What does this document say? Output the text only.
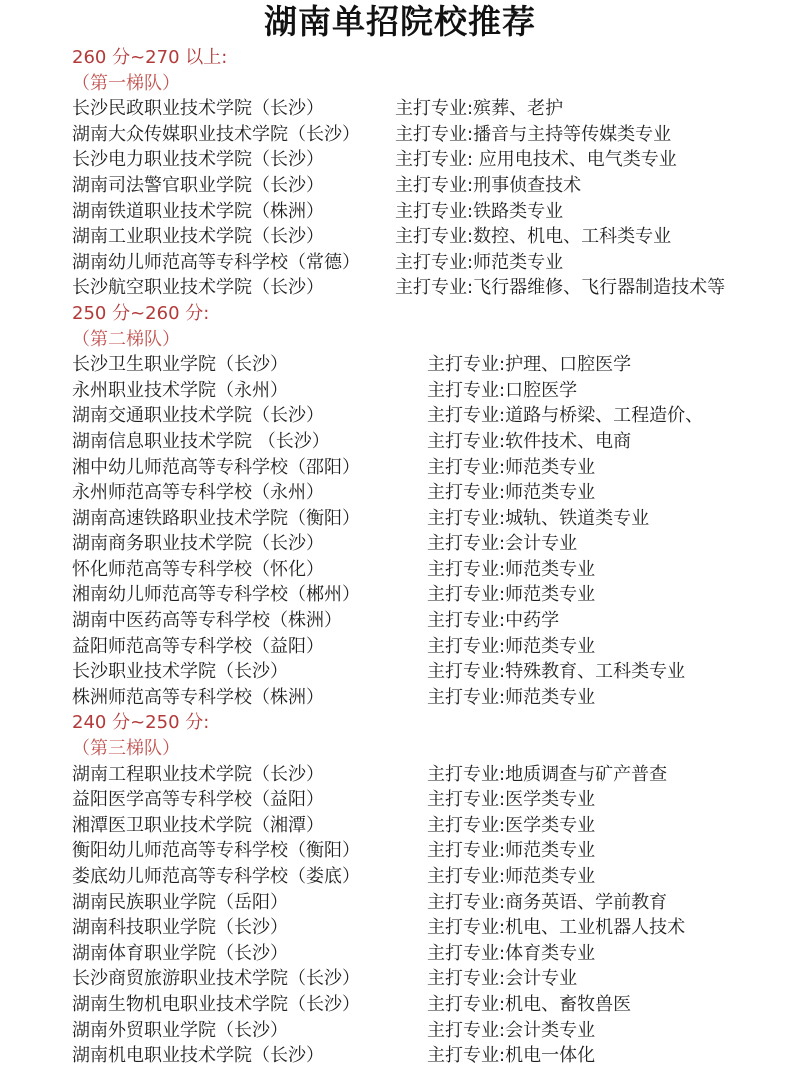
湖南单招院校推荐
260 分~270 以上:
（第一梯队）
长沙民政职业技术学院（长沙）	主打专业:殡葬、老护
湖南大众传媒职业技术学院（长沙） 主打专业:播音与主持等传媒类专业
长沙电力职业技术学院（长沙）	主打专业: 应用电技术、电气类专业
湖南司法警官职业学院（长沙）	主打专业:刑事侦查技术
湖南铁道职业技术学院（株洲）	主打专业:铁路类专业
湖南工业职业技术学院（长沙）	主打专业:数控、机电、工科类专业
湖南幼儿师范高等专科学校（常德） 主打专业:师范类专业
长沙航空职业技术学院（长沙）	主打专业:飞行器维修、飞行器制造技术等
250 分~260 分:
（第二梯队）
长沙卫生职业学院（长沙）	主打专业:护理、口腔医学
永州职业技术学院（永州）	主打专业:口腔医学
湖南交通职业技术学院（长沙）	主打专业:道路与桥梁、工程造价、
湖南信息职业技术学院 （长沙）	主打专业:软件技术、电商
湘中幼儿师范高等专科学校（邵阳）	主打专业:师范类专业
永州师范高等专科学校（永州）	主打专业:师范类专业
湖南高速铁路职业技术学院（衡阳）	主打专业:城轨、铁道类专业
湖南商务职业技术学院（长沙）	主打专业:会计专业
怀化师范高等专科学校（怀化）	主打专业:师范类专业
湘南幼儿师范高等专科学校（郴州）	主打专业:师范类专业
湖南中医药高等专科学校（株洲）	主打专业:中药学
益阳师范高等专科学校（益阳）	主打专业:师范类专业
长沙职业技术学院（长沙）	主打专业:特殊教育、工科类专业
株洲师范高等专科学校（株洲）	主打专业:师范类专业
240 分~250 分:
（第三梯队）
湖南工程职业技术学院（长沙）	主打专业:地质调查与矿产普查
益阳医学高等专科学校（益阳）	主打专业:医学类专业
湘潭医卫职业技术学院（湘潭）	主打专业:医学类专业
衡阳幼儿师范高等专科学校（衡阳）	主打专业:师范类专业
娄底幼儿师范高等专科学校（娄底）	主打专业:师范类专业
湖南民族职业学院（岳阳）	主打专业:商务英语、学前教育
湖南科技职业学院（长沙）	主打专业:机电、工业机器人技术
湖南体育职业学院（长沙）	主打专业:体育类专业
长沙商贸旅游职业技术学院（长沙）	主打专业:会计专业
湖南生物机电职业技术学院（长沙）	主打专业:机电、畜牧兽医
湖南外贸职业学院（长沙）	主打专业:会计类专业
湖南机电职业技术学院（长沙）	主打专业:机电一体化
